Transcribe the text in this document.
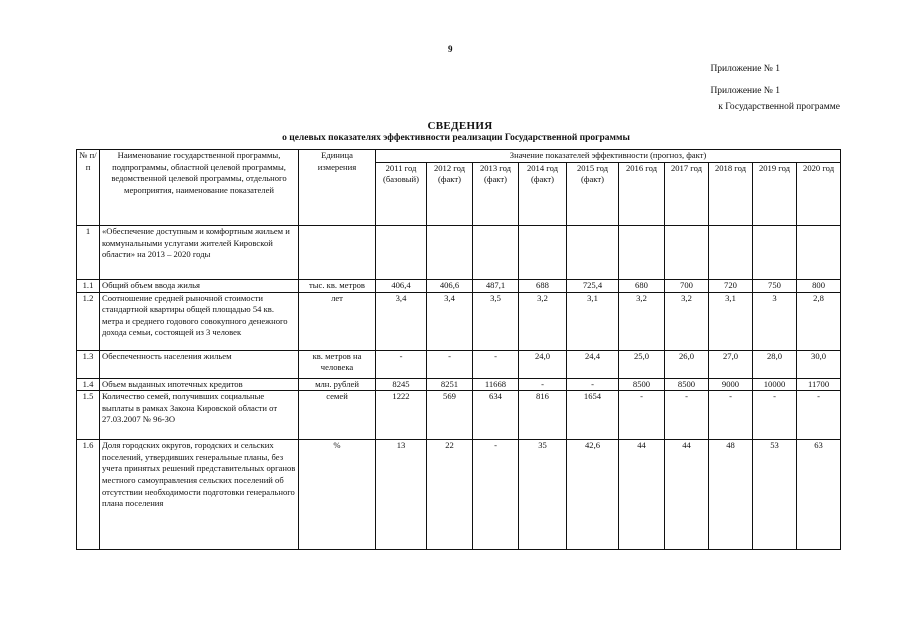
9
Приложение № 1
Приложение № 1
к Государственной программе
СВЕДЕНИЯ
о целевых показателях эффективности реализации Государственной программы
№ п/п	Наименование государственной программы, подпрограммы, областной целевой программы, ведомственной целевой программы, отдельного мероприятия, наименование показателей	Единица измерения	Значение показателей эффективности (прогноз, факт)									
			2011 год (базовый)	2012 год (факт)	2013 год (факт)	2014 год (факт)	2015 год (факт)	2016 год	2017 год	2018 год	2019 год	2020 год
1	«Обеспечение доступным и комфортным жильем и коммунальными услугами жителей Кировской области» на 2013 – 2020 годы											
1.1	Общий объем ввода жилья	тыс. кв. метров	406,4	406,6	487,1	688	725,4	680	700	720	750	800
1.2	Соотношение средней рыночной стоимости стандартной квартиры общей площадью 54 кв. метра и среднего годового совокупного денежного дохода семьи, состоящей из 3 человек	лет	3,4	3,4	3,5	3,2	3,1	3,2	3,2	3,1	3	2,8
1.3	Обеспеченность населения жильем	кв. метров на человека	-	-	-	24,0	24,4	25,0	26,0	27,0	28,0	30,0
1.4	Объем выданных ипотечных кредитов	млн. рублей	8245	8251	11668	-	-	8500	8500	9000	10000	11700
1.5	Количество семей, получивших социальные выплаты в рамках Закона Кировской области от 27.03.2007 № 96-ЗО	семей	1222	569	634	816	1654	-	-	-	-	-
1.6	Доля городских округов, городских и сельских поселений, утвердивших генеральные планы, без учета принятых решений представительных органов местного самоуправления сельских поселений об отсутствии необходимости подготовки генерального плана поселения	%	13	22	-	35	42,6	44	44	48	53	63
